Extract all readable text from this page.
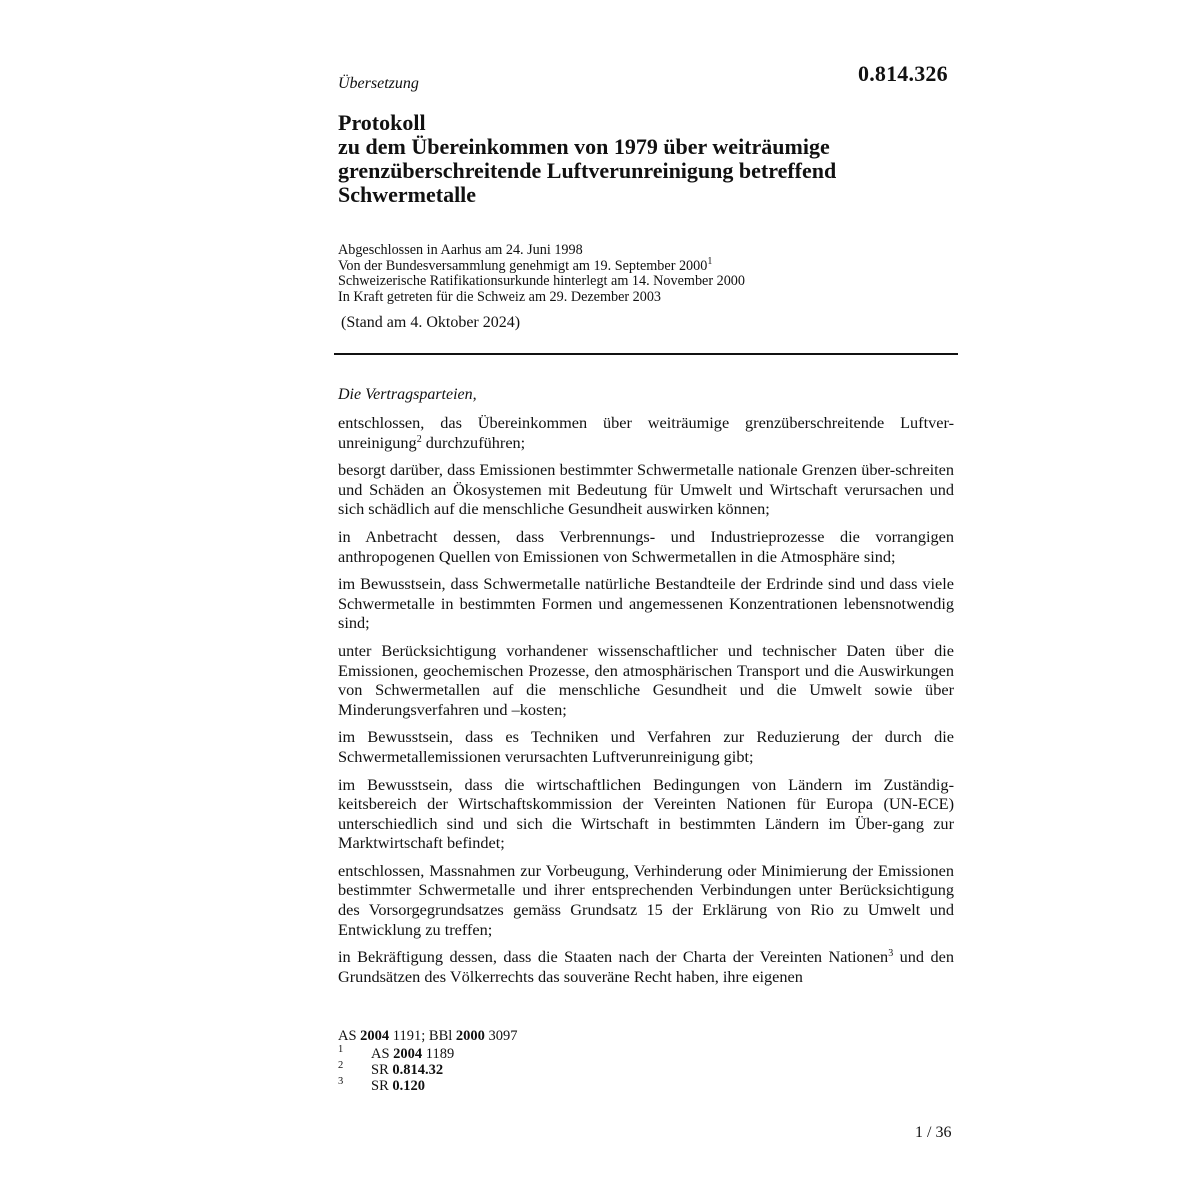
Übersetzung	0.814.326
Protokoll
zu dem Übereinkommen von 1979 über weiträumige
grenzüberschreitende Luftverunreinigung betreffend
Schwermetalle
Abgeschlossen in Aarhus am 24. Juni 1998
Von der Bundesversammlung genehmigt am 19. September 2000$^1$
Schweizerische Ratifikationsurkunde hinterlegt am 14. November 2000
In Kraft getreten für die Schweiz am 29. Dezember 2003
(Stand am 4. Oktober 2024)
Die Vertragsparteien,

entschlossen, das Übereinkommen über weiträumige grenzüberschreitende Luftver-unreinigung$^2$ durchzuführen;

besorgt darüber, dass Emissionen bestimmter Schwermetalle nationale Grenzen über-schreiten und Schäden an Ökosystemen mit Bedeutung für Umwelt und Wirtschaft verursachen und sich schädlich auf die menschliche Gesundheit auswirken können;

in Anbetracht dessen, dass Verbrennungs- und Industrieprozesse die vorrangigen anthropogenen Quellen von Emissionen von Schwermetallen in die Atmosphäre sind;

im Bewusstsein, dass Schwermetalle natürliche Bestandteile der Erdrinde sind und dass viele Schwermetalle in bestimmten Formen und angemessenen Konzentrationen lebensnotwendig sind;

unter Berücksichtigung vorhandener wissenschaftlicher und technischer Daten über die Emissionen, geochemischen Prozesse, den atmosphärischen Transport und die Auswirkungen von Schwermetallen auf die menschliche Gesundheit und die Umwelt sowie über Minderungsverfahren und –kosten;

im Bewusstsein, dass es Techniken und Verfahren zur Reduzierung der durch die Schwermetallemissionen verursachten Luftverunreinigung gibt;

im Bewusstsein, dass die wirtschaftlichen Bedingungen von Ländern im Zuständig-keitsbereich der Wirtschaftskommission der Vereinten Nationen für Europa (UN-ECE) unterschiedlich sind und sich die Wirtschaft in bestimmten Ländern im Über-gang zur Marktwirtschaft befindet;

entschlossen, Massnahmen zur Vorbeugung, Verhinderung oder Minimierung der Emissionen bestimmter Schwermetalle und ihrer entsprechenden Verbindungen unter Berücksichtigung des Vorsorgegrundsatzes gemäss Grundsatz 15 der Erklärung von Rio zu Umwelt und Entwicklung zu treffen;

in Bekräftigung dessen, dass die Staaten nach der Charta der Vereinten Nationen$^3$ und den Grundsätzen des Völkerrechts das souveräne Recht haben, ihre eigenen

AS 2004 1191; BBl 2000 3097
1 AS 2004 1189
2 SR 0.814.32
3 SR 0.120
1 / 36
